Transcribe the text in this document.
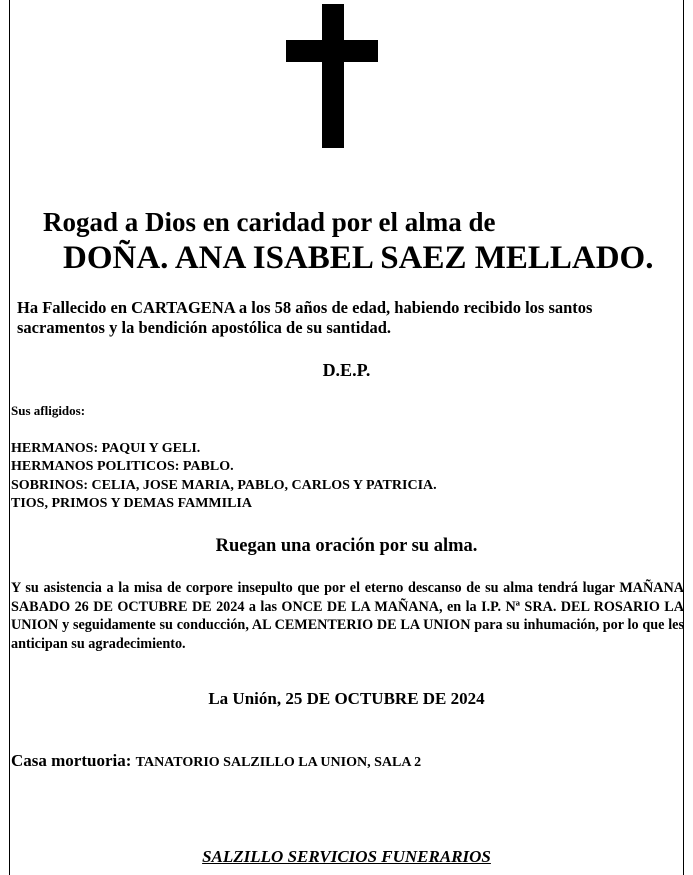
Rogad a Dios en caridad por el alma de
DOÑA. ANA ISABEL SAEZ MELLADO.
Ha Fallecido en CARTAGENA a los 58 años de edad, habiendo recibido los santos sacramentos y la bendición apostólica de su santidad.
D.E.P.
Sus afligidos:
HERMANOS: PAQUI Y GELI.
HERMANOS POLITICOS: PABLO.
SOBRINOS: CELIA, JOSE MARIA, PABLO, CARLOS Y PATRICIA.
TIOS, PRIMOS Y DEMAS FAMMILIA
Ruegan una oración por su alma.
Y su asistencia a la misa de corpore insepulto que por el eterno descanso de su alma tendrá lugar MAÑANA SABADO 26 DE OCTUBRE DE 2024 a las ONCE DE LA MAÑANA, en la I.P. Nª SRA. DEL ROSARIO LA UNION y seguidamente su conducción, AL CEMENTERIO DE LA UNION para su inhumación, por lo que les anticipan su agradecimiento.
La Unión, 25 DE OCTUBRE DE 2024
Casa mortuoria: TANATORIO SALZILLO LA UNION, SALA 2
SALZILLO SERVICIOS FUNERARIOS
